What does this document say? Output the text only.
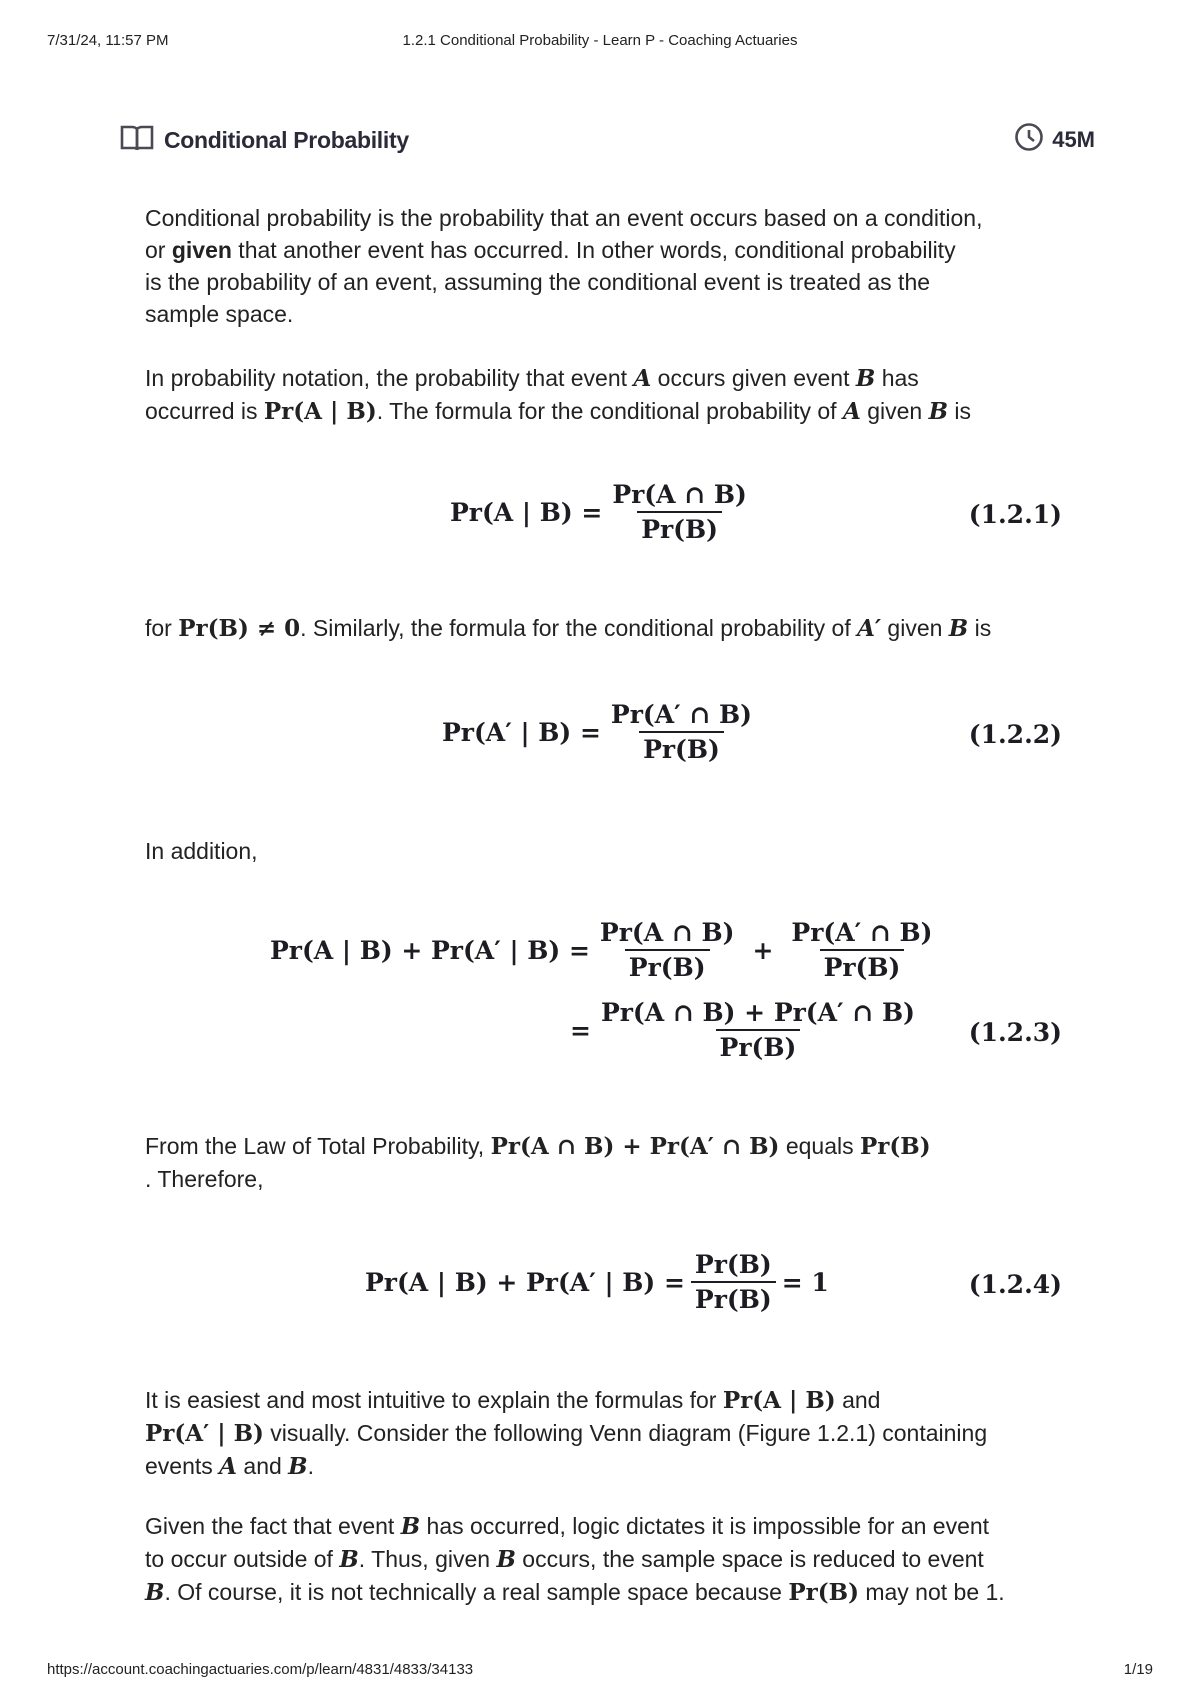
7/31/24, 11:57 PM	1.2.1 Conditional Probability - Learn P - Coaching Actuaries
Conditional Probability	45M

Conditional probability is the probability that an event occurs based on a condition,

or given that another event has occurred. In other words, conditional probability

is the probability of an event, assuming the conditional event is treated as the

sample space.

In probability notation, the probability that event A occurs given event B has

occurred is Pr(A | B). The formula for the conditional probability of A given B is

Pr(A | $B) = \frac{Pr(A \cap B)}{Pr(B)}$	(1.2.1)

for Pr(B) ≠ 0. Similarly, the formula for the conditional probability of A′ given B is

Pr(A′ | $B) = \frac{Pr(A' \cap B)}{Pr(B)}$	(1.2.2)

In addition,

Pr(A | B) + Pr(A′ | $B) = \frac{Pr(A \cap B)}{Pr(B)} + \frac{Pr(A' \cap B)}{Pr(B)}$
= $\frac{Pr(A \cap B) + Pr(A' \cap B)}{Pr(B)} (1.2.3)$

From the Law of Total Probability, Pr(A ∩ B) + Pr(A′ ∩ B) equals Pr(B)

. Therefore,

Pr(A | B) + Pr(A′ | $B) = \frac{Pr(B)}{Pr(B)} = 1$	(1.2.4)

It is easiest and most intuitive to explain the formulas for Pr(A | B) and

Pr(A′ | B) visually. Consider the following Venn diagram (Figure 1.2.1) containing

events A and B.

Given the fact that event B has occurred, logic dictates it is impossible for an event

to occur outside of B. Thus, given B occurs, the sample space is reduced to event

B. Of course, it is not technically a real sample space because Pr(B) may not be 1.

https://account.coachingactuaries.com/p/learn/4831/4833/34133	1/19
